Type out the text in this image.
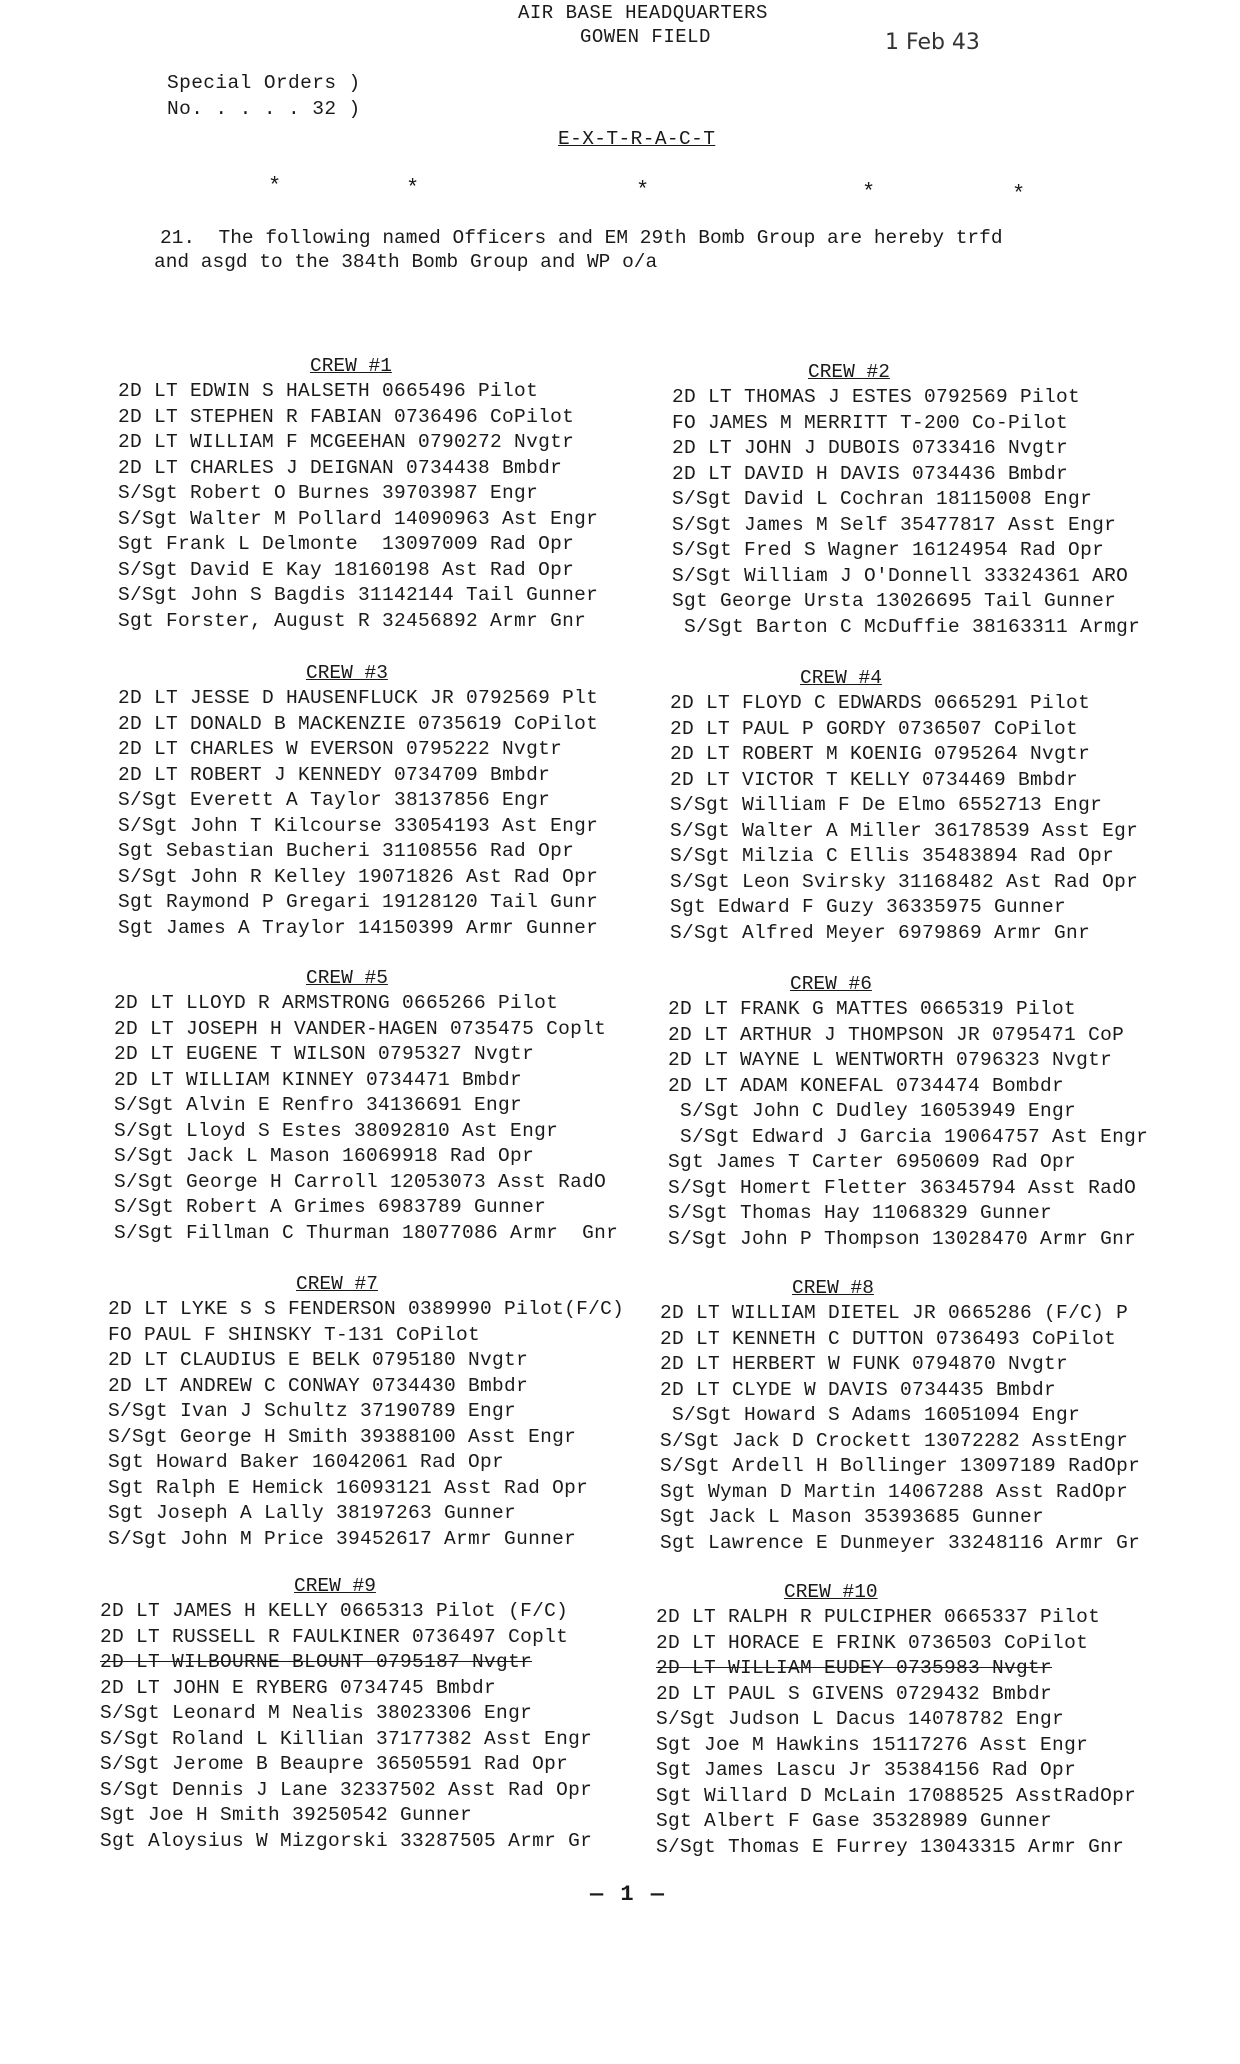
AIR BASE HEADQUARTERS
GOWEN FIELD	1 Feb 43
Special Orders )
No. . . . . 32 )
E-X-T-R-A-C-T
*	*	*	*	*
21.  The following named Officers and EM 29th Bomb Group are hereby trfd
and asgd to the 384th Bomb Group and WP o/a
CREW #1
2D LT EDWIN S HALSETH 0665496 Pilot
2D LT STEPHEN R FABIAN 0736496 CoPilot
2D LT WILLIAM F MCGEEHAN 0790272 Nvgtr
2D LT CHARLES J DEIGNAN 0734438 Bmbdr
S/Sgt Robert O Burnes 39703987 Engr
S/Sgt Walter M Pollard 14090963 Ast Engr
Sgt Frank L Delmonte  13097009 Rad Opr
S/Sgt David E Kay 18160198 Ast Rad Opr
S/Sgt John S Bagdis 31142144 Tail Gunner
Sgt Forster, August R 32456892 Armr Gnr
CREW #2
2D LT THOMAS J ESTES 0792569 Pilot
FO JAMES M MERRITT T-200 Co-Pilot
2D LT JOHN J DUBOIS 0733416 Nvgtr
2D LT DAVID H DAVIS 0734436 Bmbdr
S/Sgt David L Cochran 18115008 Engr
S/Sgt James M Self 35477817 Asst Engr
S/Sgt Fred S Wagner 16124954 Rad Opr
S/Sgt William J O'Donnell 33324361 ARO
Sgt George Ursta 13026695 Tail Gunner
S/Sgt Barton C McDuffie 38163311 Armgr
CREW #3
2D LT JESSE D HAUSENFLUCK JR 0792569 Plt
2D LT DONALD B MACKENZIE 0735619 CoPilot
2D LT CHARLES W EVERSON 0795222 Nvgtr
2D LT ROBERT J KENNEDY 0734709 Bmbdr
S/Sgt Everett A Taylor 38137856 Engr
S/Sgt John T Kilcourse 33054193 Ast Engr
Sgt Sebastian Bucheri 31108556 Rad Opr
S/Sgt John R Kelley 19071826 Ast Rad Opr
Sgt Raymond P Gregari 19128120 Tail Gunr
Sgt James A Traylor 14150399 Armr Gunner
CREW #4
2D LT FLOYD C EDWARDS 0665291 Pilot
2D LT PAUL P GORDY 0736507 CoPilot
2D LT ROBERT M KOENIG 0795264 Nvgtr
2D LT VICTOR T KELLY 0734469 Bmbdr
S/Sgt William F De Elmo 6552713 Engr
S/Sgt Walter A Miller 36178539 Asst Egr
S/Sgt Milzia C Ellis 35483894 Rad Opr
S/Sgt Leon Svirsky 31168482 Ast Rad Opr
Sgt Edward F Guzy 36335975 Gunner
S/Sgt Alfred Meyer 6979869 Armr Gnr
CREW #5
2D LT LLOYD R ARMSTRONG 0665266 Pilot
2D LT JOSEPH H VANDER-HAGEN 0735475 Coplt
2D LT EUGENE T WILSON 0795327 Nvgtr
2D LT WILLIAM KINNEY 0734471 Bmbdr
S/Sgt Alvin E Renfro 34136691 Engr
S/Sgt Lloyd S Estes 38092810 Ast Engr
S/Sgt Jack L Mason 16069918 Rad Opr
S/Sgt George H Carroll 12053073 Asst RadO
S/Sgt Robert A Grimes 6983789 Gunner
S/Sgt Fillman C Thurman 18077086 Armr  Gnr
CREW #6
2D LT FRANK G MATTES 0665319 Pilot
2D LT ARTHUR J THOMPSON JR 0795471 CoP
2D LT WAYNE L WENTWORTH 0796323 Nvgtr
2D LT ADAM KONEFAL 0734474 Bombdr
S/Sgt John C Dudley 16053949 Engr
S/Sgt Edward J Garcia 19064757 Ast Engr
Sgt James T Carter 6950609 Rad Opr
S/Sgt Homert Fletter 36345794 Asst RadO
S/Sgt Thomas Hay 11068329 Gunner
S/Sgt John P Thompson 13028470 Armr Gnr
CREW #7
2D LT LYKE S S FENDERSON 0389990 Pilot(F/C)
FO PAUL F SHINSKY T-131 CoPilot
2D LT CLAUDIUS E BELK 0795180 Nvgtr
2D LT ANDREW C CONWAY 0734430 Bmbdr
S/Sgt Ivan J Schultz 37190789 Engr
S/Sgt George H Smith 39388100 Asst Engr
Sgt Howard Baker 16042061 Rad Opr
Sgt Ralph E Hemick 16093121 Asst Rad Opr
Sgt Joseph A Lally 38197263 Gunner
S/Sgt John M Price 39452617 Armr Gunner
CREW #8
2D LT WILLIAM DIETEL JR 0665286 (F/C) P
2D LT KENNETH C DUTTON 0736493 CoPilot
2D LT HERBERT W FUNK 0794870 Nvgtr
2D LT CLYDE W DAVIS 0734435 Bmbdr
S/Sgt Howard S Adams 16051094 Engr
S/Sgt Jack D Crockett 13072282 AsstEngr
S/Sgt Ardell H Bollinger 13097189 RadOpr
Sgt Wyman D Martin 14067288 Asst RadOpr
Sgt Jack L Mason 35393685 Gunner
Sgt Lawrence E Dunmeyer 33248116 Armr Gr
CREW #9
2D LT JAMES H KELLY 0665313 Pilot (F/C)
2D LT RUSSELL R FAULKINER 0736497 Coplt
2D LT WILBOURNE BLOUNT 0795187 Nvgtr
2D LT JOHN E RYBERG 0734745 Bmbdr
S/Sgt Leonard M Nealis 38023306 Engr
S/Sgt Roland L Killian 37177382 Asst Engr
S/Sgt Jerome B Beaupre 36505591 Rad Opr
S/Sgt Dennis J Lane 32337502 Asst Rad Opr
Sgt Joe H Smith 39250542 Gunner
Sgt Aloysius W Mizgorski 33287505 Armr Gr
CREW #10
2D LT RALPH R PULCIPHER 0665337 Pilot
2D LT HORACE E FRINK 0736503 CoPilot
2D LT WILLIAM EUDEY 0735983 Nvgtr
2D LT PAUL S GIVENS 0729432 Bmbdr
S/Sgt Judson L Dacus 14078782 Engr
Sgt Joe M Hawkins 15117276 Asst Engr
Sgt James Lascu Jr 35384156 Rad Opr
Sgt Willard D McLain 17088525 AsstRadOpr
Sgt Albert F Gase 35328989 Gunner
S/Sgt Thomas E Furrey 13043315 Armr Gnr
— 1 —
